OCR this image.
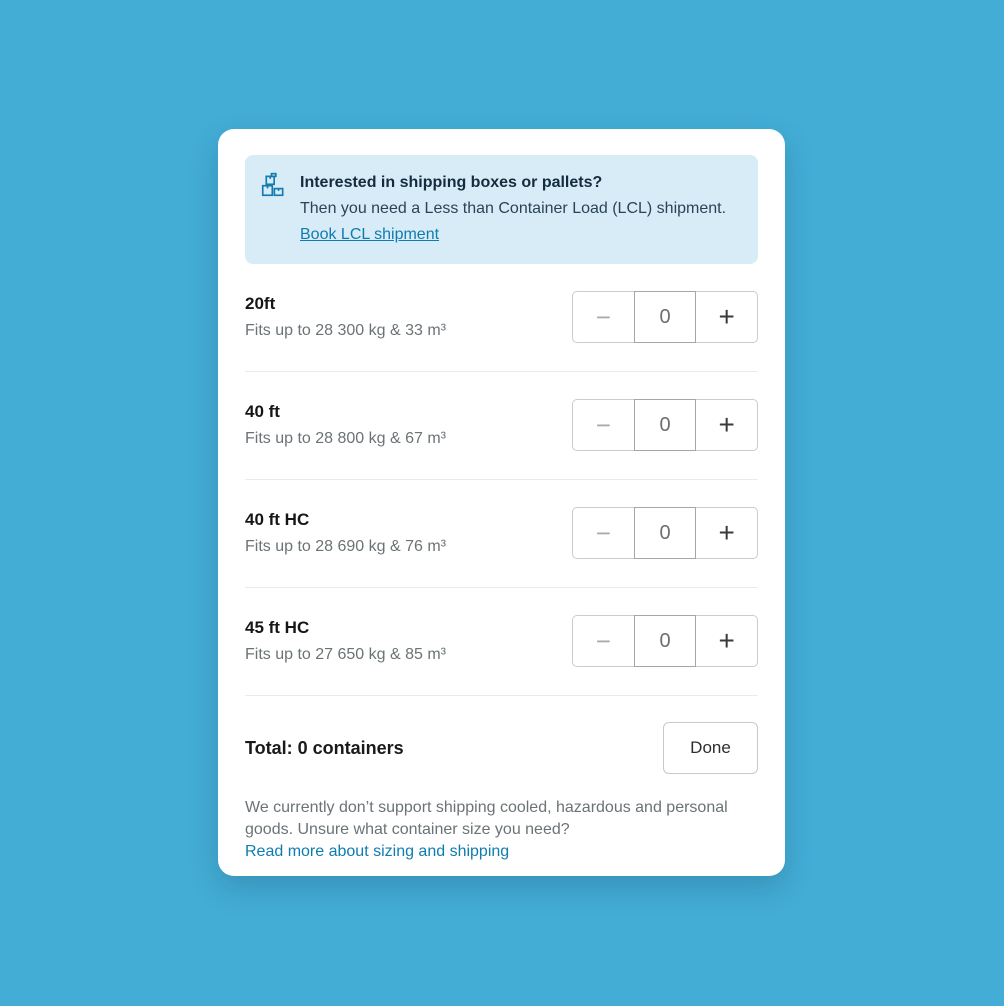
Interested in shipping boxes or pallets?
Then you need a Less than Container Load (LCL) shipment.
Book LCL shipment
20ft
Fits up to 28 300 kg & 33 m³	−	0	+
40 ft
Fits up to 28 800 kg & 67 m³	−	0	+
40 ft HC
Fits up to 28 690 kg & 76 m³	−	0	+
45 ft HC
Fits up to 27 650 kg & 85 m³	−	0	+
Total: 0 containers	Done
We currently don’t support shipping cooled, hazardous and personal goods. Unsure what container size you need?
Read more about sizing and shipping
